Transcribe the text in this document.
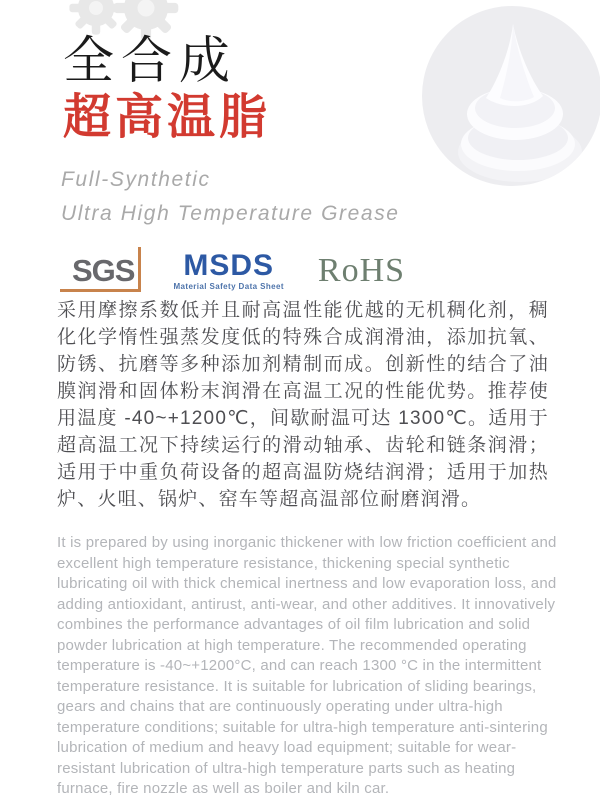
全合成
超高温脂
Full-Synthetic
Ultra High Temperature Grease
SGS MSDS
Material Safety Data Sheet RoHS

采用摩擦系数低并且耐高温性能优越的无机稠化剂，稠化化学惰性强蒸发度低的特殊合成润滑油，添加抗氧、防锈、抗磨等多种添加剂精制而成。创新性的结合了油膜润滑和固体粉末润滑在高温工况的性能优势。推荐使用温度 -40~+1200℃，间歇耐温可达 1300℃。适用于超高温工况下持续运行的滑动轴承、齿轮和链条润滑；适用于中重负荷设备的超高温防烧结润滑；适用于加热炉、火咀、锅炉、窑车等超高温部位耐磨润滑。

It is prepared by using inorganic thickener with low friction coefficient and excellent high temperature resistance, thickening special synthetic lubricating oil with thick chemical inertness and low evaporation loss, and adding antioxidant, antirust, anti-wear, and other additives. It innovatively combines the performance advantages of oil film lubrication and solid powder lubrication at high temperature. The recommended operating temperature is -40~+1200°C, and can reach 1300 °C in the intermittent temperature resistance. It is suitable for lubrication of sliding bearings, gears and chains that are continuously operating under ultra-high temperature conditions; suitable for ultra-high temperature anti-sintering lubrication of medium and heavy load equipment; suitable for wear-resistant lubrication of ultra-high temperature parts such as heating furnace, fire nozzle as well as boiler and kiln car.
